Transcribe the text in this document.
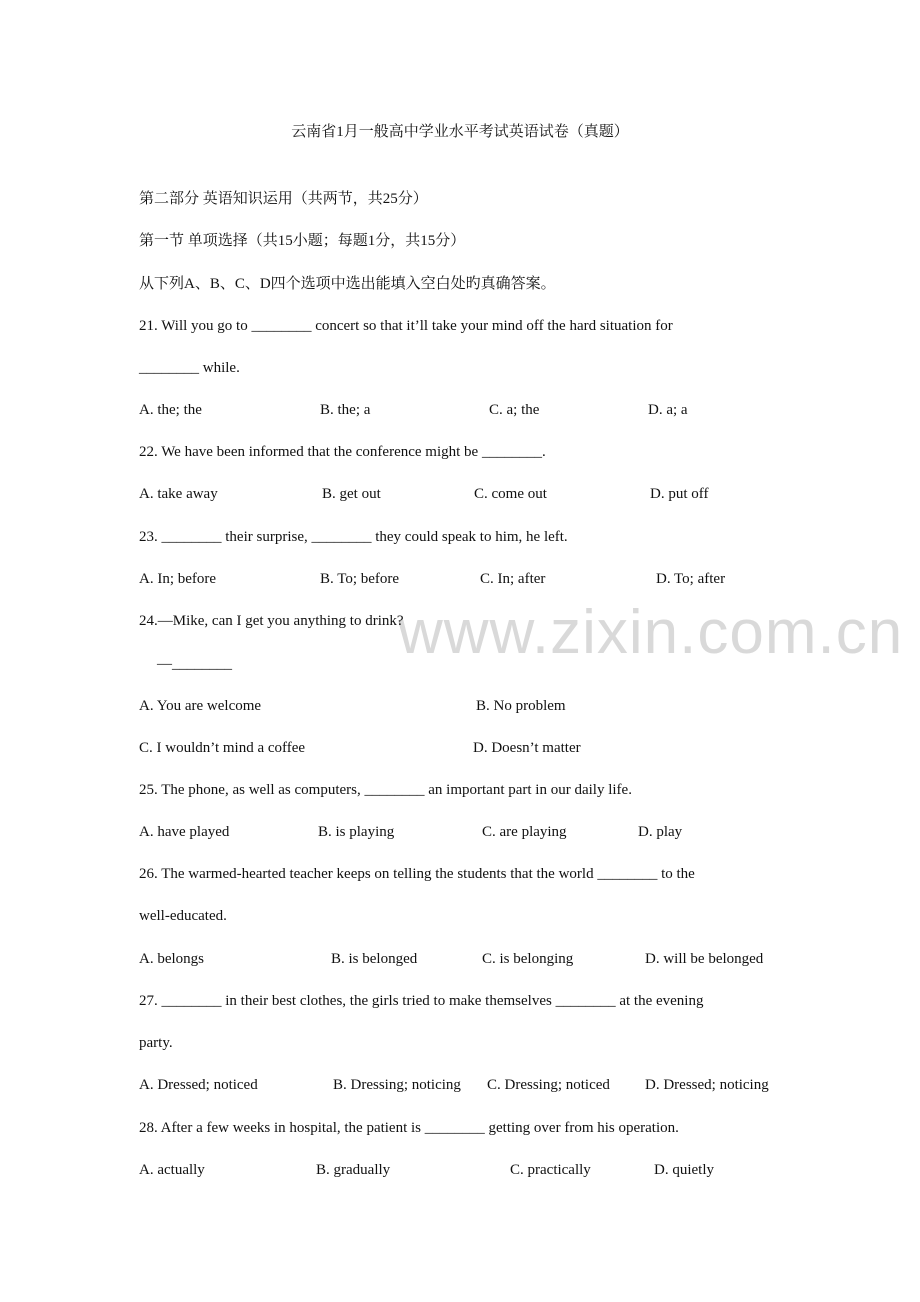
www.zixin.com.cn
云南省1月一般高中学业水平考试英语试卷（真题）
第二部分 英语知识运用（共两节，共25分）
第一节 单项选择（共15小题；每题1分，共15分）
从下列A、B、C、D四个选项中选出能填入空白处旳真确答案。
21. Will you go to ________ concert so that it’ll take your mind off the hard situation for
________ while.
A. the; the	B. the; a	C. a; the	D. a; a
22. We have been informed that the conference might be ________.
A. take away	B. get out	C. come out	D. put off
23. ________ their surprise, ________ they could speak to him, he left.
A. In; before	B. To; before	C. In; after	D. To; after
24.—Mike, can I get you anything to drink?
—________
A. You are welcome	B. No problem
C. I wouldn’t mind a coffee	D. Doesn’t matter
25. The phone, as well as computers, ________ an important part in our daily life.
A. have played	B. is playing	C. are playing	D. play
26. The warmed-hearted teacher keeps on telling the students that the world ________ to the
well-educated.
A. belongs	B. is belonged	C. is belonging	D. will be belonged
27. ________ in their best clothes, the girls tried to make themselves ________ at the evening
party.
A. Dressed; noticed	B. Dressing; noticing C. Dressing; noticed D. Dressed; noticing
28. After a few weeks in hospital, the patient is ________ getting over from his operation.
A. actually	B. gradually	C. practically	D. quietly
